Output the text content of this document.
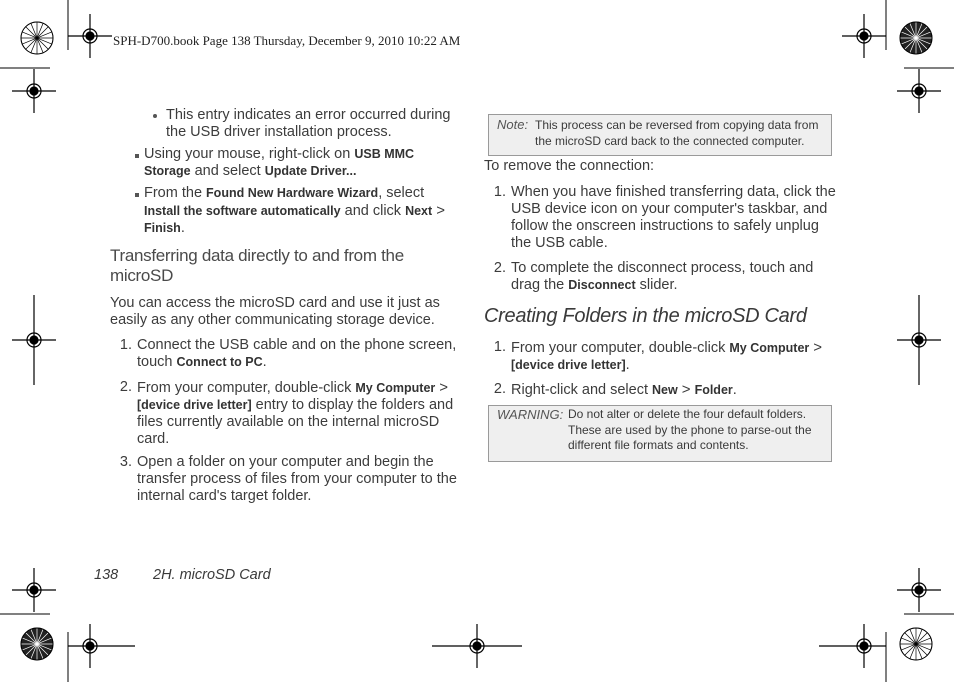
SPH-D700.book Page 138 Thursday, December 9, 2010 10:22 AM
This entry indicates an error occurred during the USB driver installation process.
Using your mouse, right-click on USB MMC Storage and select Update Driver...
From the Found New Hardware Wizard, select Install the software automatically and click Next > Finish.
Transferring data directly to and from the microSD
You can access the microSD card and use it just as easily as any other communicating storage device.
1. Connect the USB cable and on the phone screen, touch Connect to PC.
2. From your computer, double-click My Computer > [device drive letter] entry to display the folders and files currently available on the internal microSD card.
3. Open a folder on your computer and begin the transfer process of files from your computer to the internal card's target folder.
Note: This process can be reversed from copying data from the microSD card back to the connected computer.
To remove the connection:
1. When you have finished transferring data, click the USB device icon on your computer's taskbar, and follow the onscreen instructions to safely unplug the USB cable.
2. To complete the disconnect process, touch and drag the Disconnect slider.
Creating Folders in the microSD Card
1. From your computer, double-click My Computer > [device drive letter].
2. Right-click and select New > Folder.
WARNING: Do not alter or delete the four default folders. These are used by the phone to parse-out the different file formats and contents.
138 2H. microSD Card
